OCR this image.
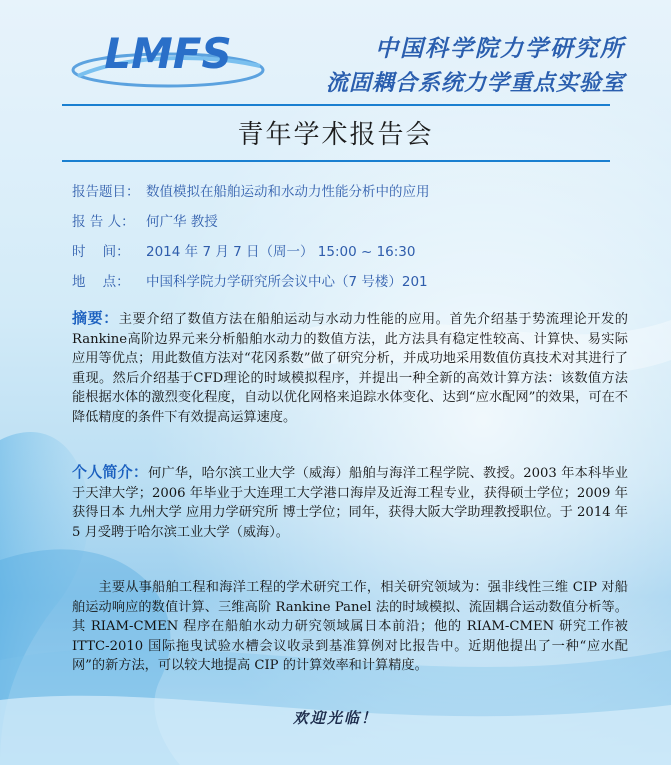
LMFS	中国科学院力学研究所
流固耦合系统力学重点实验室
青年学术报告会
报告题目： 数值模拟在船舶运动和水动力性能分析中的应用
报 告 人： 何广华 教授
时    间： 2014 年 7 月 7 日（周一） 15:00 ~ 16:30
地    点： 中国科学院力学研究所会议中心（7 号楼）201
摘要：主要介绍了数值方法在船舶运动与水动力性能的应用。首先介绍基于势流理论开发的Rankine高阶边界元来分析船舶水动力的数值方法，此方法具有稳定性较高、计算快、易实际应用等优点；用此数值方法对“花冈系数”做了研究分析，并成功地采用数值仿真技术对其进行了重现。然后介绍基于CFD理论的时域模拟程序，并提出一种全新的高效计算方法：该数值方法能根据水体的激烈变化程度，自动以优化网格来追踪水体变化、达到“应水配网”的效果，可在不降低精度的条件下有效提高运算速度。
个人简介：何广华，哈尔滨工业大学（威海）船舶与海洋工程学院、教授。2003 年本科毕业于天津大学；2006 年毕业于大连理工大学港口海岸及近海工程专业，获得硕士学位；2009 年获得日本 九州大学 应用力学研究所 博士学位；同年，获得大阪大学助理教授职位。于 2014 年 5 月受聘于哈尔滨工业大学（威海）。
主要从事船舶工程和海洋工程的学术研究工作，相关研究领域为：强非线性三维 CIP 对船舶运动响应的数值计算、三维高阶 Rankine Panel 法的时域模拟、流固耦合运动数值分析等。其 RIAM-CMEN 程序在船舶水动力研究领域属日本前沿；他的 RIAM-CMEN 研究工作被 ITTC-2010 国际拖曳试验水槽会议收录到基准算例对比报告中。近期他提出了一种“应水配网”的新方法，可以较大地提高 CIP 的计算效率和计算精度。
欢迎光临！
